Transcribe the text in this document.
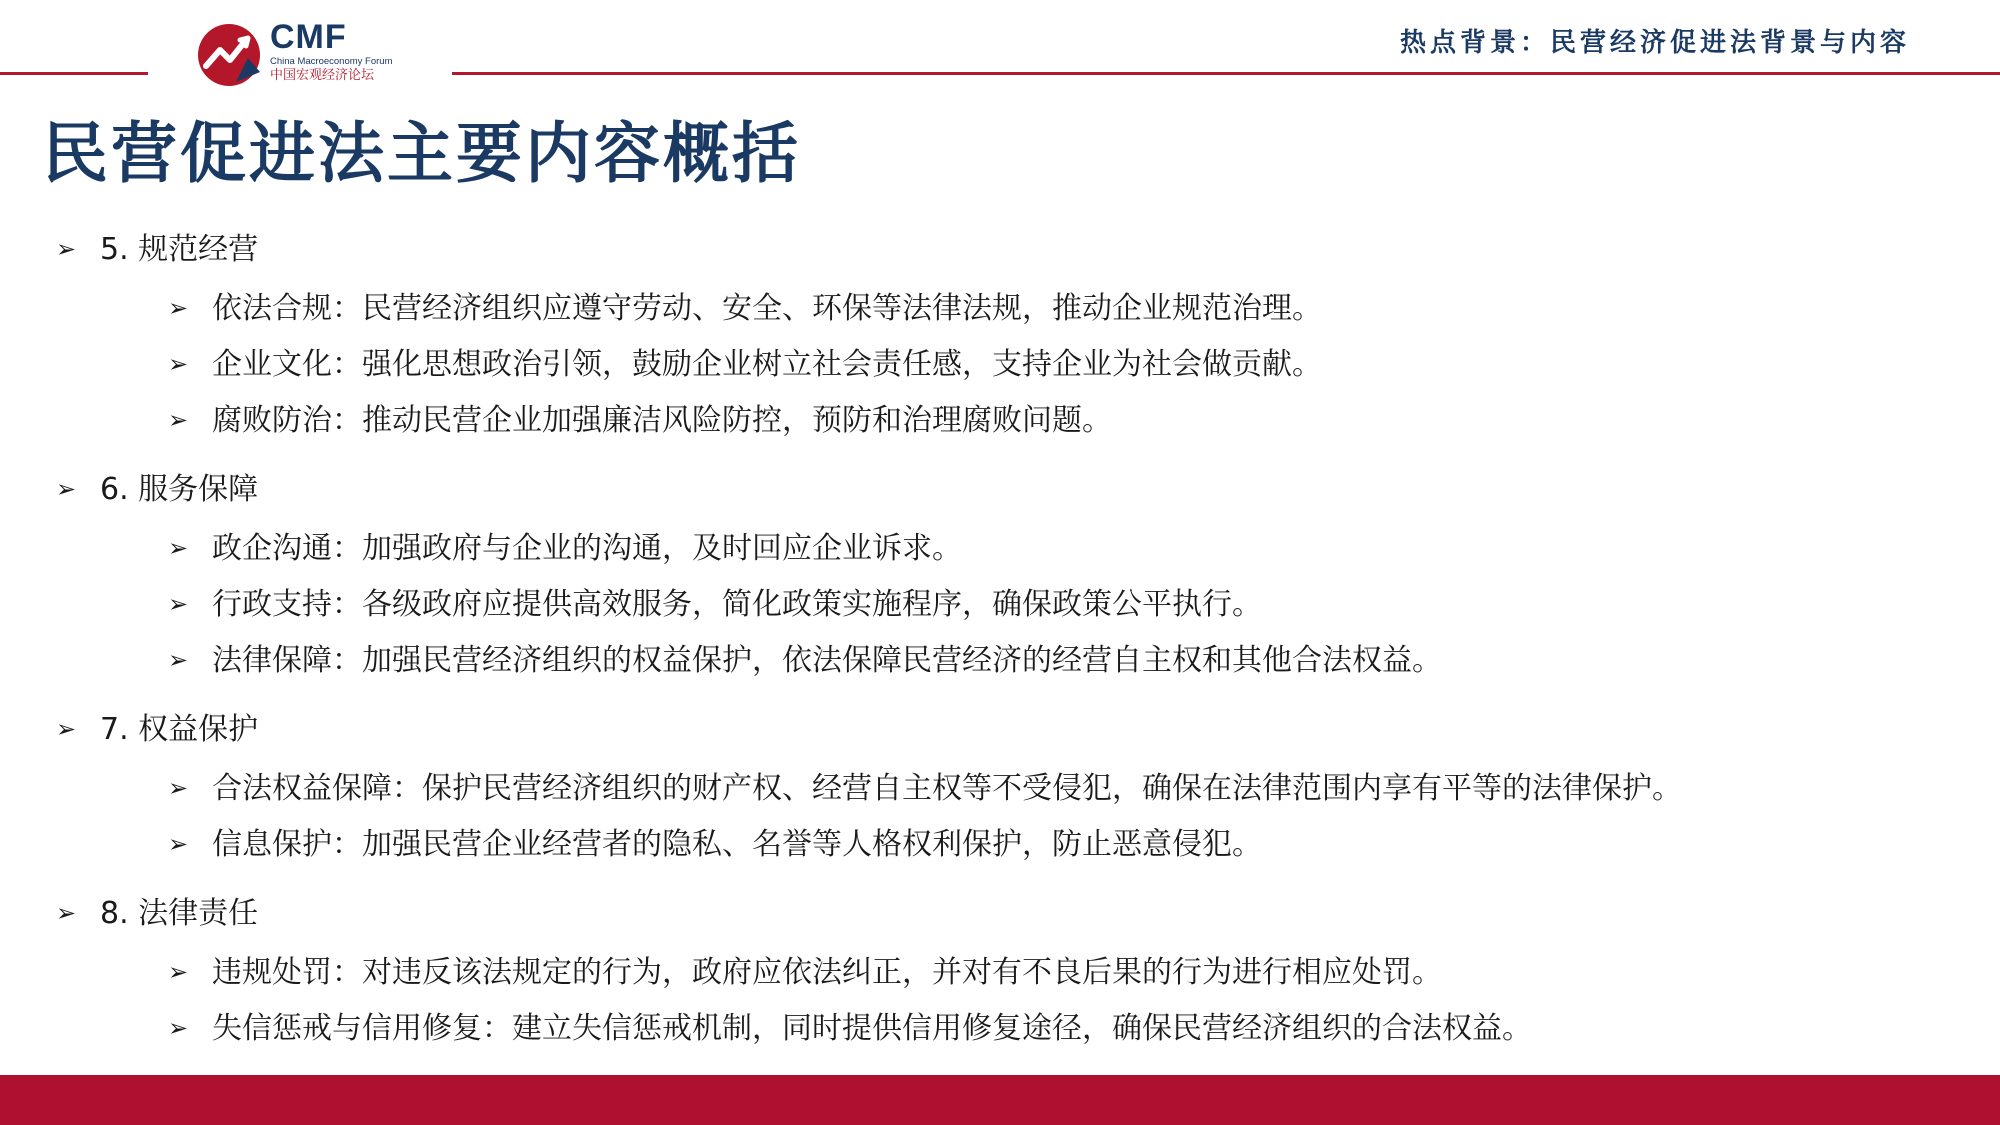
CMF
China Macroeconomy Forum
中国宏观经济论坛
热点背景：民营经济促进法背景与内容
民营促进法主要内容概括
➢ 5. 规范经营
➢ 依法合规：民营经济组织应遵守劳动、安全、环保等法律法规，推动企业规范治理。
➢ 企业文化：强化思想政治引领，鼓励企业树立社会责任感，支持企业为社会做贡献。
➢ 腐败防治：推动民营企业加强廉洁风险防控，预防和治理腐败问题。
➢ 6. 服务保障
➢ 政企沟通：加强政府与企业的沟通，及时回应企业诉求。
➢ 行政支持：各级政府应提供高效服务，简化政策实施程序，确保政策公平执行。
➢ 法律保障：加强民营经济组织的权益保护，依法保障民营经济的经营自主权和其他合法权益。
➢ 7. 权益保护
➢ 合法权益保障：保护民营经济组织的财产权、经营自主权等不受侵犯，确保在法律范围内享有平等的法律保护。
➢ 信息保护：加强民营企业经营者的隐私、名誉等人格权利保护，防止恶意侵犯。
➢ 8. 法律责任
➢ 违规处罚：对违反该法规定的行为，政府应依法纠正，并对有不良后果的行为进行相应处罚。
➢ 失信惩戒与信用修复：建立失信惩戒机制，同时提供信用修复途径，确保民营经济组织的合法权益。
